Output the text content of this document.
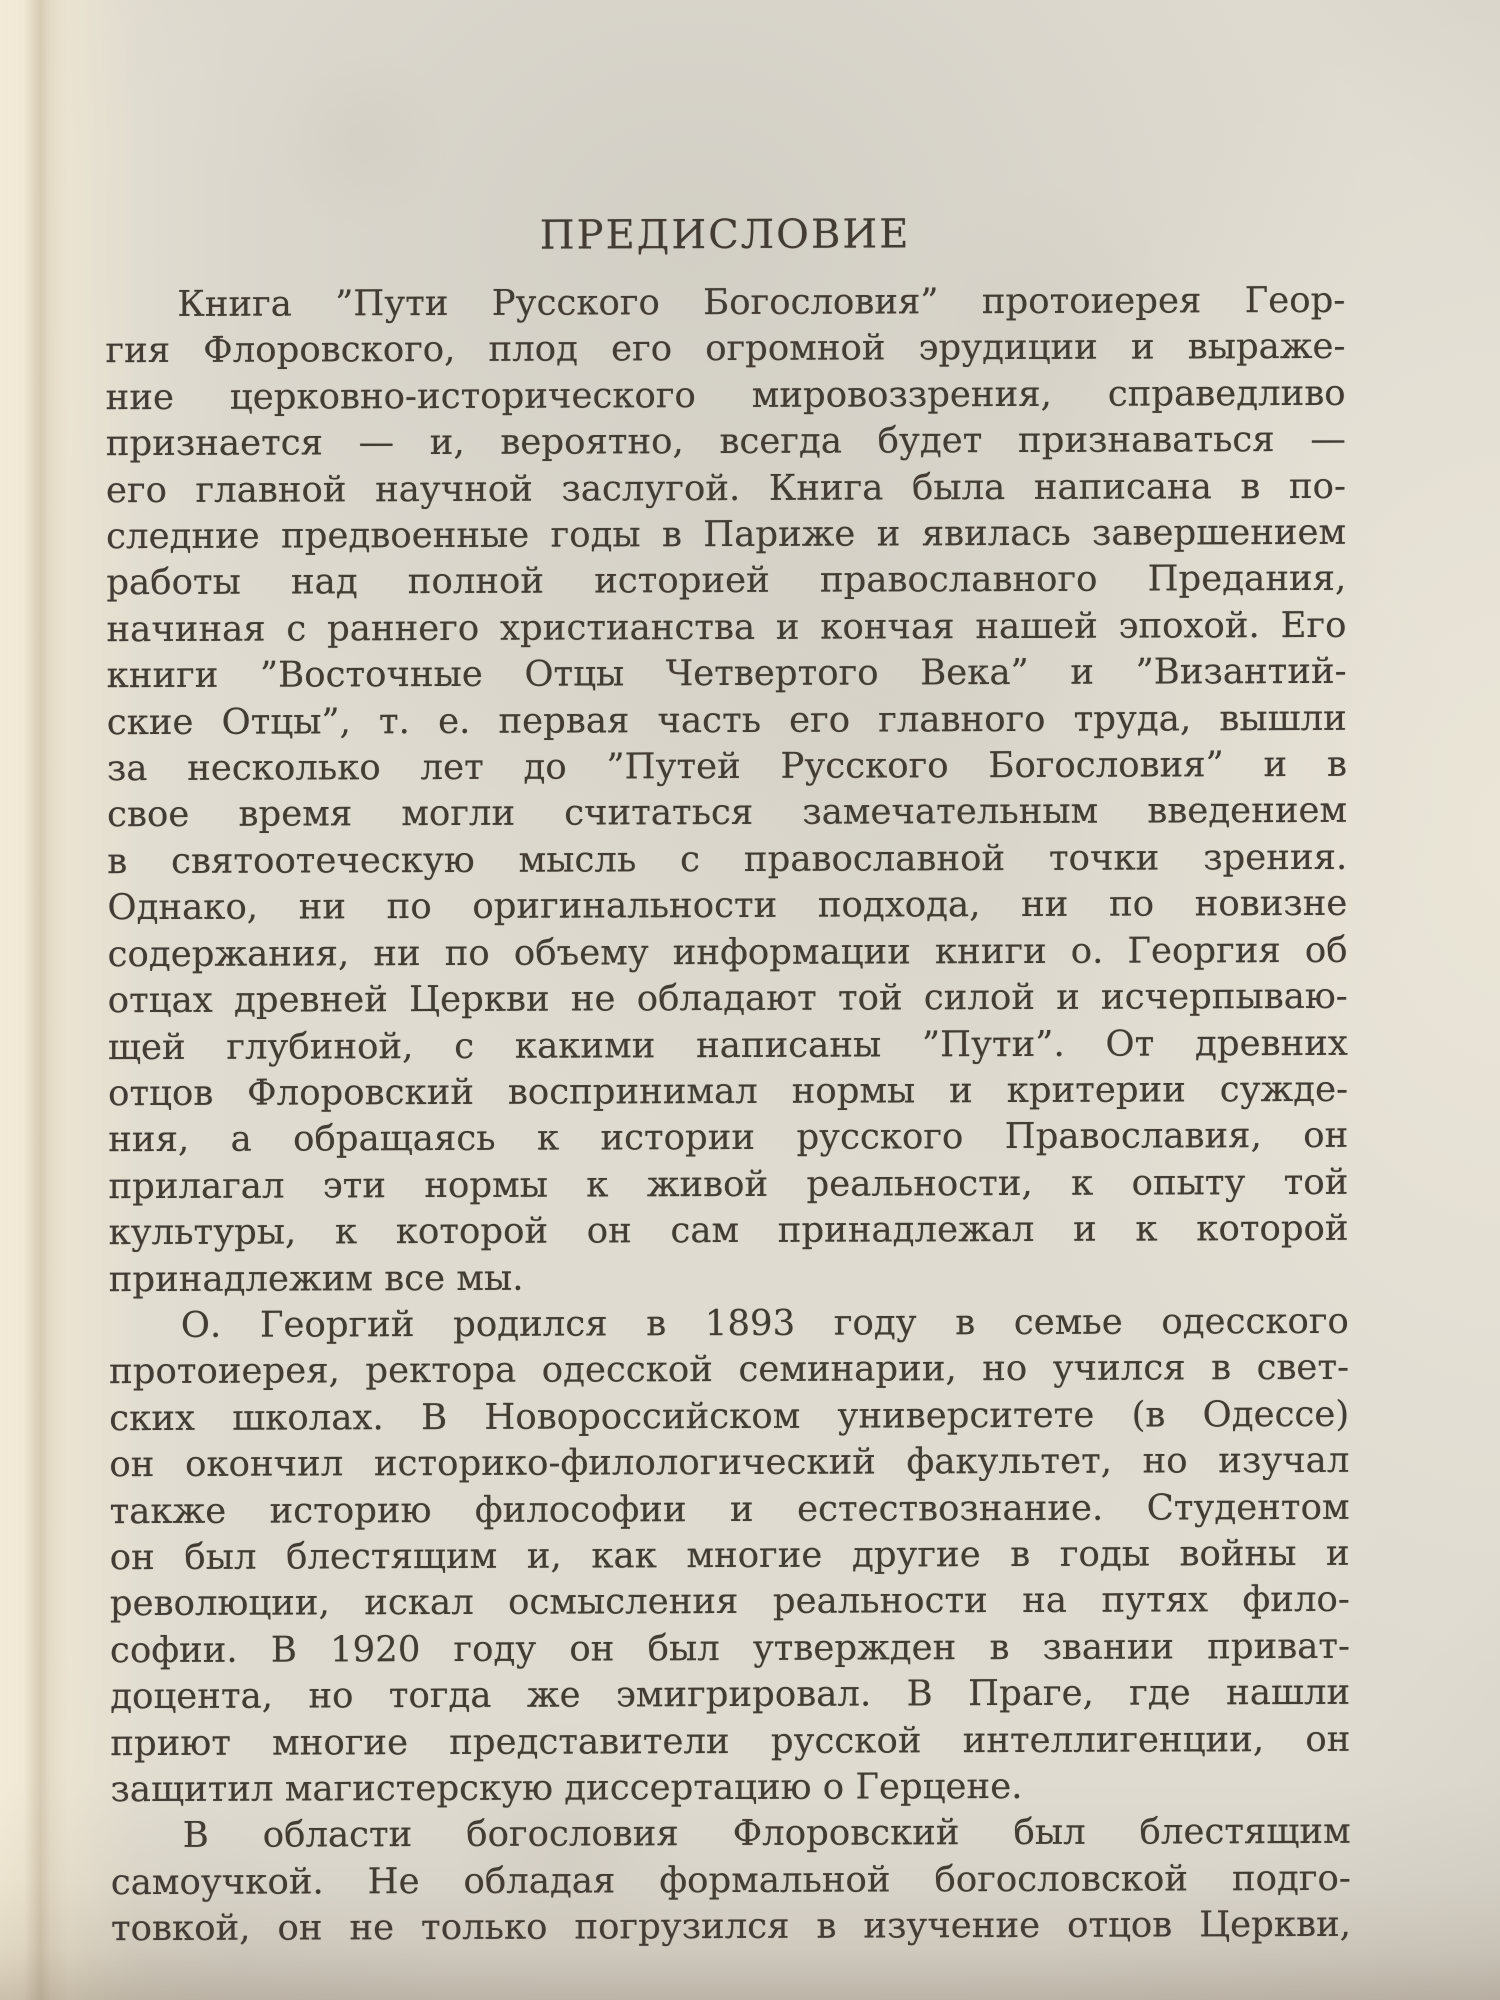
ПРЕДИСЛОВИЕ
Книга ”Пути Русского Богословия” протоиерея Геор-
гия Флоровского, плод его огромной эрудиции и выраже-
ние церковно-исторического мировоззрения, справедливо
признается — и, вероятно, всегда будет признаваться —
его главной научной заслугой. Книга была написана в по-
следние предвоенные годы в Париже и явилась завершением
работы над полной историей православного Предания,
начиная с раннего христианства и кончая нашей эпохой. Его
книги ”Восточные Отцы Четвертого Века” и ”Византий-
ские Отцы”, т. е. первая часть его главного труда, вышли
за несколько лет до ”Путей Русского Богословия” и в
свое время могли считаться замечательным введением
в святоотеческую мысль с православной точки зрения.
Однако, ни по оригинальности подхода, ни по новизне
содержания, ни по объему информации книги о. Георгия об
отцах древней Церкви не обладают той силой и исчерпываю-
щей глубиной, с какими написаны ”Пути”. От древних
отцов Флоровский воспринимал нормы и критерии сужде-
ния, а обращаясь к истории русского Православия, он
прилагал эти нормы к живой реальности, к опыту той
культуры, к которой он сам принадлежал и к которой
принадлежим все мы.
О. Георгий родился в 1893 году в семье одесского
протоиерея, ректора одесской семинарии, но учился в свет-
ских школах. В Новороссийском университете (в Одессе)
он окончил историко-филологический факультет, но изучал
также историю философии и естествознание. Студентом
он был блестящим и, как многие другие в годы войны и
революции, искал осмысления реальности на путях фило-
софии. В 1920 году он был утвержден в звании приват-
доцента, но тогда же эмигрировал. В Праге, где нашли
приют многие представители русской интеллигенции, он
защитил магистерскую диссертацию о Герцене.
В области богословия Флоровский был блестящим
самоучкой. Не обладая формальной богословской подго-
товкой, он не только погрузился в изучение отцов Церкви,
